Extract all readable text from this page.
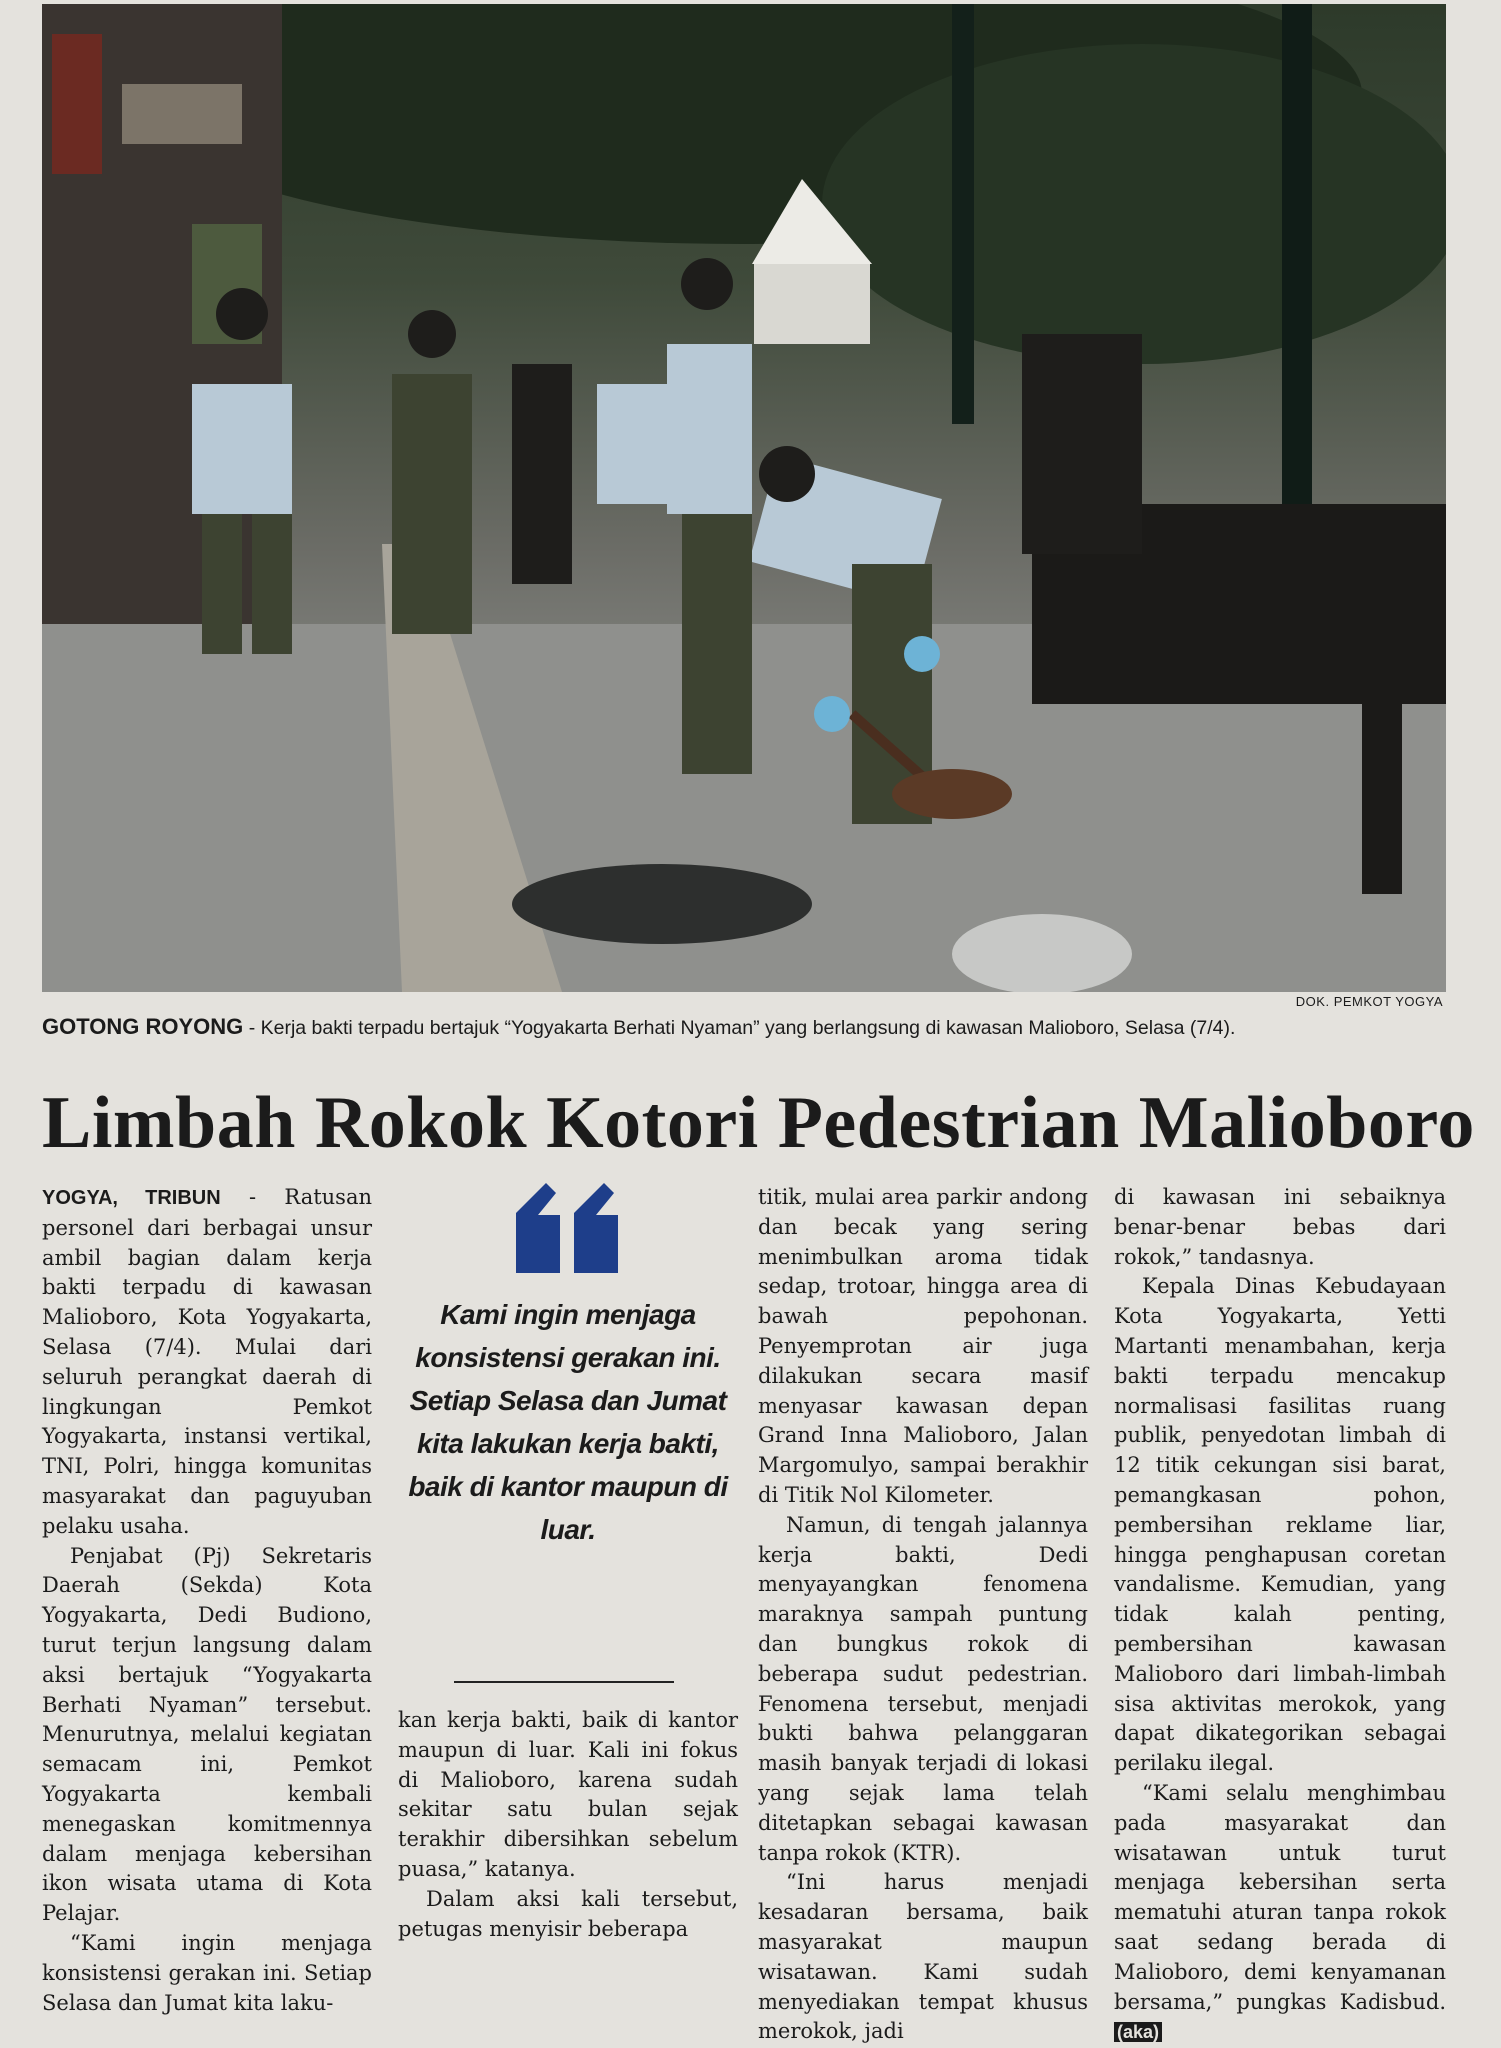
DOK. PEMKOT YOGYA
GOTONG ROYONG - Kerja bakti terpadu bertajuk “Yogyakarta Berhati Nyaman” yang berlangsung di kawasan Malioboro, Selasa (7/4).
Limbah Rokok Kotori Pedestrian Malioboro

YOGYA, TRIBUN - Ratusan personel dari berbagai unsur ambil bagian dalam kerja bakti terpadu di kawasan Malioboro, Kota Yogyakarta, Selasa (7/4). Mulai dari seluruh perangkat daerah di lingkungan Pemkot Yogyakarta, instansi vertikal, TNI, Polri, hingga komunitas masyarakat dan paguyuban pelaku usaha.

Penjabat (Pj) Sekretaris Daerah (Sekda) Kota Yogyakarta, Dedi Budiono, turut terjun langsung dalam aksi bertajuk “Yogyakarta Berhati Nyaman” tersebut. Menurutnya, melalui kegiatan semacam ini, Pemkot Yogyakarta kembali menegaskan komitmennya dalam menjaga kebersihan ikon wisata utama di Kota Pelajar.

“Kami ingin menjaga konsistensi gerakan ini. Setiap Selasa dan Jumat kita laku-

Kami ingin menjaga konsistensi gerakan ini. Setiap Selasa dan Jumat kita lakukan kerja bakti, baik di kantor maupun di luar.

kan kerja bakti, baik di kantor maupun di luar. Kali ini fokus di Malioboro, karena sudah sekitar satu bulan sejak terakhir dibersihkan sebelum puasa,” katanya.

Dalam aksi kali tersebut, petugas menyisir beberapa

titik, mulai area parkir andong dan becak yang sering menimbulkan aroma tidak sedap, trotoar, hingga area di bawah pepohonan. Penyemprotan air juga dilakukan secara masif menyasar kawasan depan Grand Inna Malioboro, Jalan Margomulyo, sampai berakhir di Titik Nol Kilometer.

Namun, di tengah jalannya kerja bakti, Dedi menyayangkan fenomena maraknya sampah puntung dan bungkus rokok di beberapa sudut pedestrian. Fenomena tersebut, menjadi bukti bahwa pelanggaran masih banyak terjadi di lokasi yang sejak lama telah ditetapkan sebagai kawasan tanpa rokok (KTR).

“Ini harus menjadi kesadaran bersama, baik masyarakat maupun wisatawan. Kami sudah menyediakan tempat khusus merokok, jadi

di kawasan ini sebaiknya benar-benar bebas dari rokok,” tandasnya.

Kepala Dinas Kebudayaan Kota Yogyakarta, Yetti Martanti menambahan, kerja bakti terpadu mencakup normalisasi fasilitas ruang publik, penyedotan limbah di 12 titik cekungan sisi barat, pemangkasan pohon, pembersihan reklame liar, hingga penghapusan coretan vandalisme. Kemudian, yang tidak kalah penting, pembersihan kawasan Malioboro dari limbah-limbah sisa aktivitas merokok, yang dapat dikategorikan sebagai perilaku ilegal.

“Kami selalu menghimbau pada masyarakat dan wisatawan untuk turut menjaga kebersihan serta mematuhi aturan tanpa rokok saat sedang berada di Malioboro, demi kenyamanan bersama,” pungkas Kadisbud. (aka)
